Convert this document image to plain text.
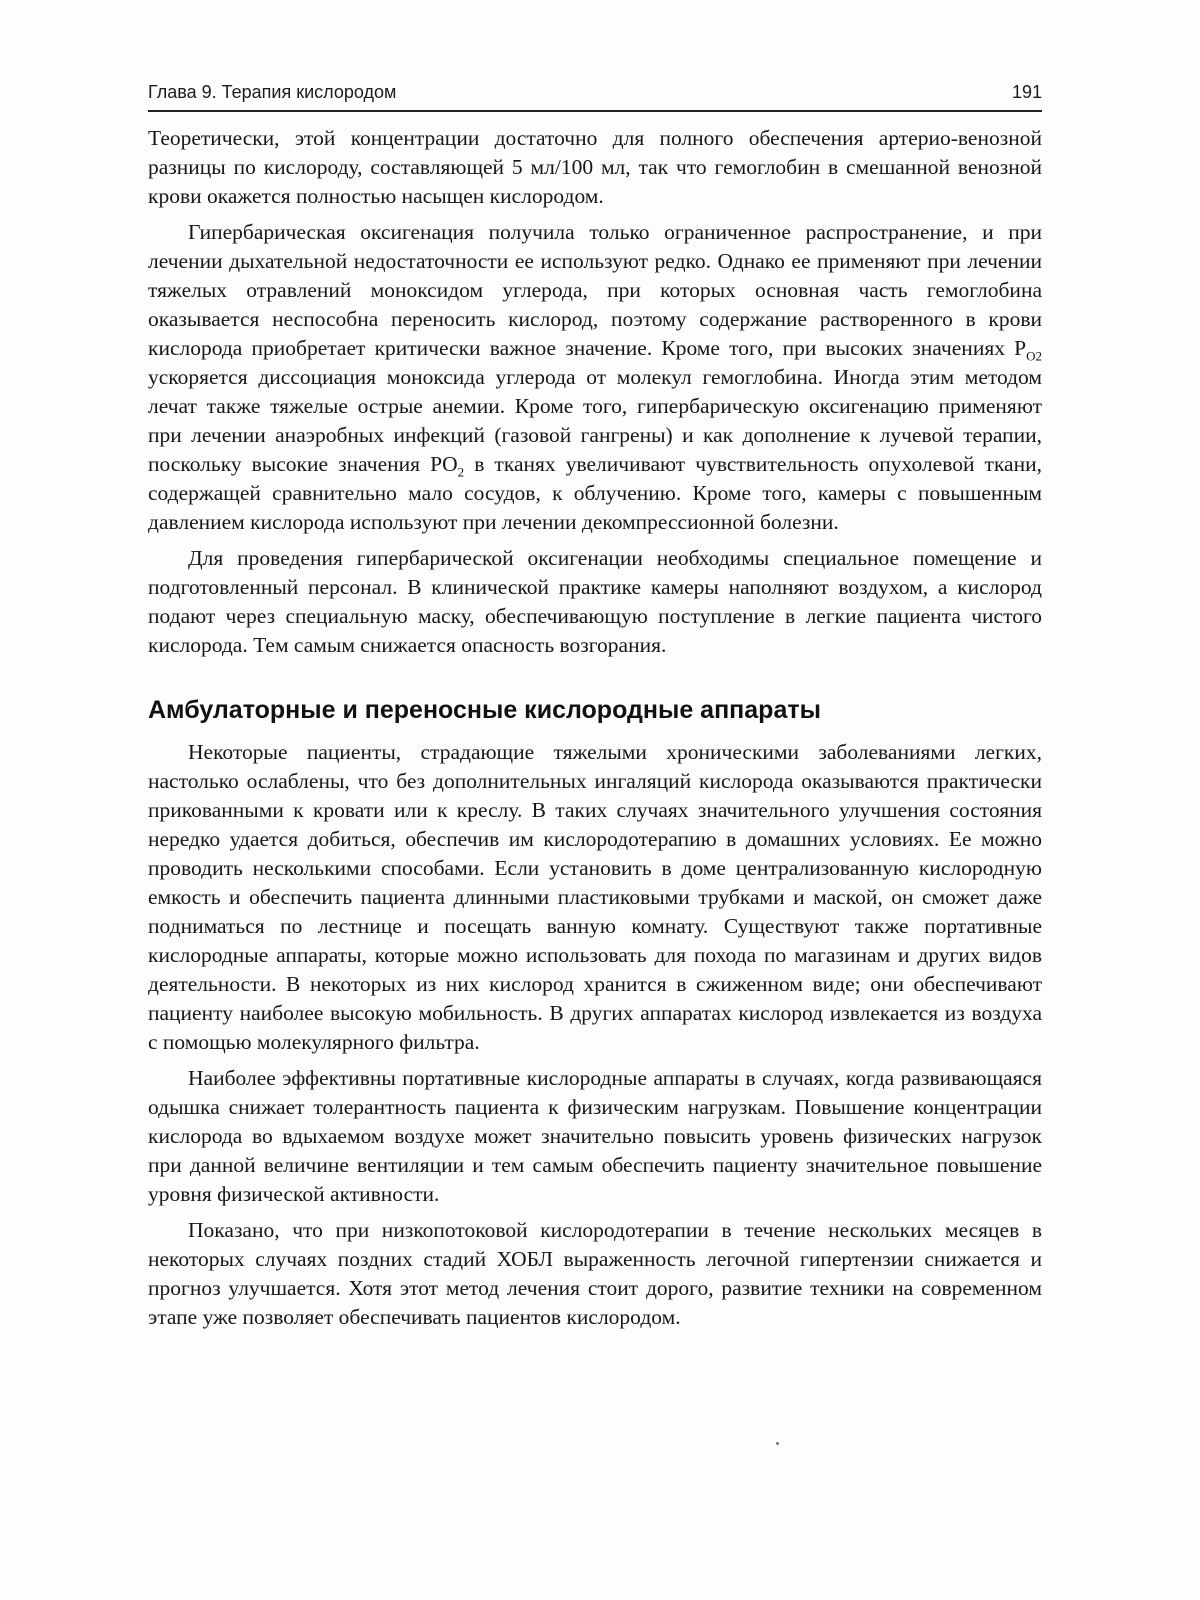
Глава 9. Терапия кислородом	191

Теоретически, этой концентрации достаточно для полного обеспечения артерио-венозной разницы по кислороду, составляющей 5 мл/100 мл, так что гемоглобин в смешанной венозной крови окажется полностью насыщен кислородом.

Гипербарическая оксигенация получила только ограниченное распространение, и при лечении дыхательной недостаточности ее используют редко. Однако ее применяют при лечении тяжелых отравлений моноксидом углерода, при которых основная часть гемоглобина оказывается неспособна переносить кислород, поэтому содержание растворенного в крови кислорода приобретает критически важное значение. Кроме того, при высоких значениях $P_{O2}$ ускоряется диссоциация моноксида углерода от молекул гемоглобина. Иногда этим методом лечат также тяжелые острые анемии. Кроме того, гипербарическую оксигенацию применяют при лечении анаэробных инфекций (газовой гангрены) и как дополнение к лучевой терапии, поскольку высокие значения $PO_2$ в тканях увеличивают чувствительность опухолевой ткани, содержащей сравнительно мало сосудов, к облучению. Кроме того, камеры с повышенным давлением кислорода используют при лечении декомпрессионной болезни.

Для проведения гипербарической оксигенации необходимы специальное помещение и подготовленный персонал. В клинической практике камеры наполняют воздухом, а кислород подают через специальную маску, обеспечивающую поступление в легкие пациента чистого кислорода. Тем самым снижается опасность возгорания.

Амбулаторные и переносные кислородные аппараты

Некоторые пациенты, страдающие тяжелыми хроническими заболеваниями легких, настолько ослаблены, что без дополнительных ингаляций кислорода оказываются практически прикованными к кровати или к креслу. В таких случаях значительного улучшения состояния нередко удается добиться, обеспечив им кислородотерапию в домашних условиях. Ее можно проводить несколькими способами. Если установить в доме централизованную кислородную емкость и обеспечить пациента длинными пластиковыми трубками и маской, он сможет даже подниматься по лестнице и посещать ванную комнату. Существуют также портативные кислородные аппараты, которые можно использовать для похода по магазинам и других видов деятельности. В некоторых из них кислород хранится в сжиженном виде; они обеспечивают пациенту наиболее высокую мобильность. В других аппаратах кислород извлекается из воздуха с помощью молекулярного фильтра.

Наиболее эффективны портативные кислородные аппараты в случаях, когда развивающаяся одышка снижает толерантность пациента к физическим нагрузкам. Повышение концентрации кислорода во вдыхаемом воздухе может значительно повысить уровень физических нагрузок при данной величине вентиляции и тем самым обеспечить пациенту значительное повышение уровня физической активности.

Показано, что при низкопотоковой кислородотерапии в течение нескольких месяцев в некоторых случаях поздних стадий ХОБЛ выраженность легочной гипертензии снижается и прогноз улучшается. Хотя этот метод лечения стоит дорого, развитие техники на современном этапе уже позволяет обеспечивать пациентов кислородом.
